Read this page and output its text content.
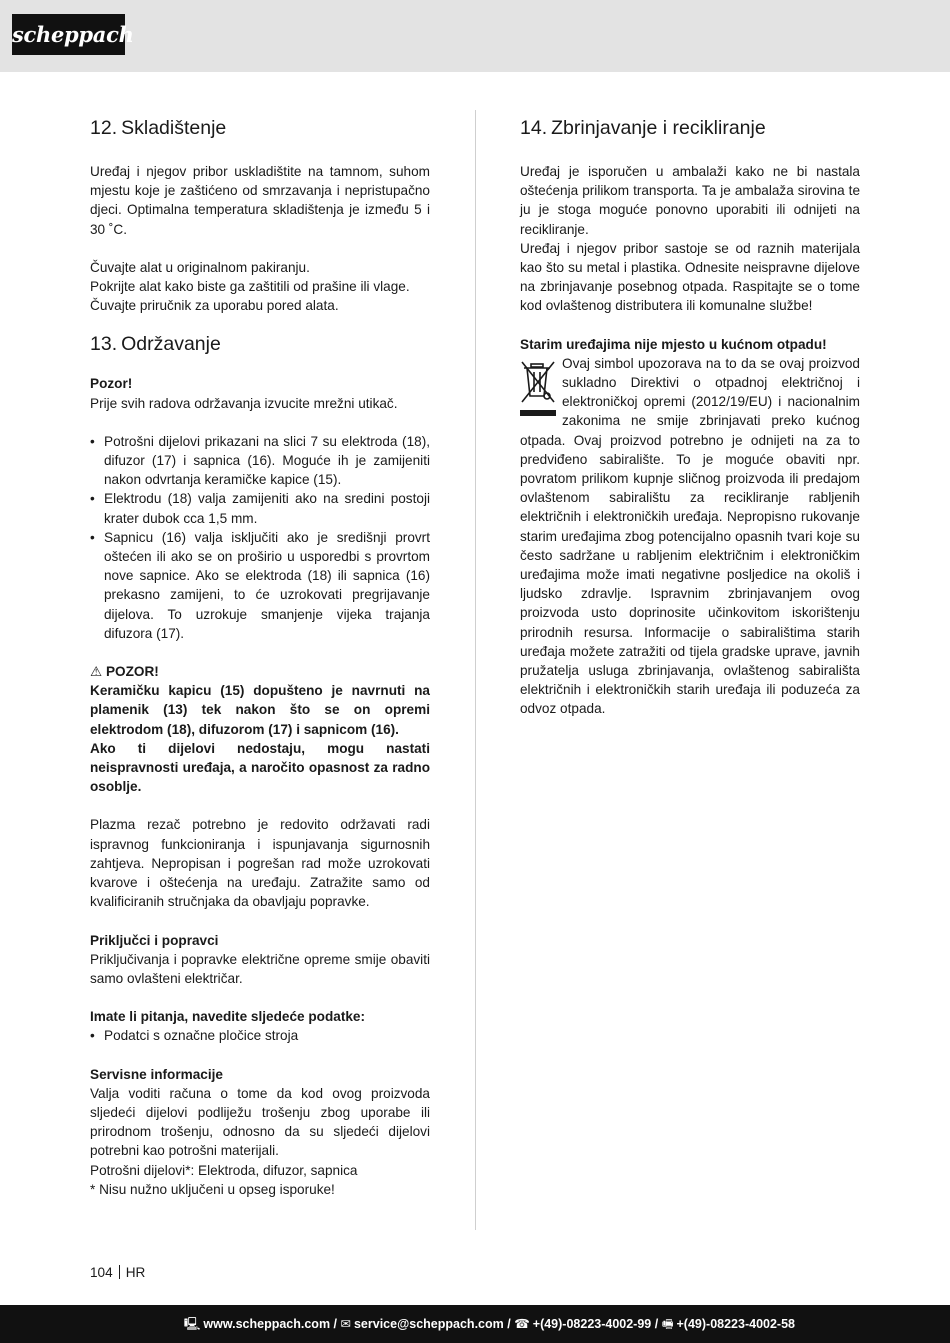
scheppach
12. Skladištenje

Uređaj i njegov pribor uskladištite na tamnom, suhom mjestu koje je zaštićeno od smrzavanja i nepristupačno djeci. Optimalna temperatura skladištenja je između 5 i 30 ˚C.

Čuvajte alat u originalnom pakiranju.

Pokrijte alat kako biste ga zaštitili od prašine ili vlage.

Čuvajte priručnik za uporabu pored alata.

13. Održavanje

Pozor!

Prije svih radova održavanja izvucite mrežni utikač.

• Potrošni dijelovi prikazani na slici 7 su elektroda (18), difuzor (17) i sapnica (16). Moguće ih je zamijeniti nakon odvrtanja keramičke kapice (15).
• Elektrodu (18) valja zamijeniti ako na sredini postoji krater dubok cca 1,5 mm.
• Sapnicu (16) valja isključiti ako je središnji provrt oštećen ili ako se on proširio u usporedbi s provrtom nove sapnice. Ako se elektroda (18) ili sapnica (16) prekasno zamijeni, to će uzrokovati pregrijavanje dijelova. To uzrokuje smanjenje vijeka trajanja difuzora (17).

⚠ POZOR!

Keramičku kapicu (15) dopušteno je navrnuti na plamenik (13) tek nakon što se on opremi elektrodom (18), difuzorom (17) i sapnicom (16).

Ako ti dijelovi nedostaju, mogu nastati neispravnosti uređaja, a naročito opasnost za radno osoblje.

Plazma rezač potrebno je redovito održavati radi ispravnog funkcioniranja i ispunjavanja sigurnosnih zahtjeva. Nepropisan i pogrešan rad može uzrokovati kvarove i oštećenja na uređaju. Zatražite samo od kvalificiranih stručnjaka da obavljaju popravke.

Priključci i popravci

Priključivanja i popravke električne opreme smije obaviti samo ovlašteni električar.

Imate li pitanja, navedite sljedeće podatke:

• Podatci s označne pločice stroja

Servisne informacije

Valja voditi računa o tome da kod ovog proizvoda sljedeći dijelovi podliježu trošenju zbog uporabe ili prirodnom trošenju, odnosno da su sljedeći dijelovi potrebni kao potrošni materijali.

Potrošni dijelovi*: Elektroda, difuzor, sapnica

* Nisu nužno uključeni u opseg isporuke!

14. Zbrinjavanje i recikliranje

Uređaj je isporučen u ambalaži kako ne bi nastala oštećenja prilikom transporta. Ta je ambalaža sirovina te ju je stoga moguće ponovno uporabiti ili odnijeti na recikliranje.

Uređaj i njegov pribor sastoje se od raznih materijala kao što su metal i plastika. Odnesite neispravne dijelove na zbrinjavanje posebnog otpada. Raspitajte se o tome kod ovlaštenog distributera ili komunalne službe!

Starim uređajima nije mjesto u kućnom otpadu!

Ovaj simbol upozorava na to da se ovaj proizvod sukladno Direktivi o otpadnoj električnoj i elektroničkoj opremi (2012/19/EU) i nacionalnim zakonima ne smije zbrinjavati preko kućnog otpada. Ovaj proizvod potrebno je odnijeti na za to predviđeno sabiralište. To je moguće obaviti npr. povratom prilikom kupnje sličnog proizvoda ili predajom ovlaštenom sabiralištu za recikliranje rabljenih električnih i elektroničkih uređaja. Nepropisno rukovanje starim uređajima zbog potencijalno opasnih tvari koje su često sadržane u rabljenim električnim i elektroničkim uređajima može imati negativne posljedice na okoliš i ljudsko zdravlje. Ispravnim zbrinjavanjem ovog proizvoda usto doprinosite učinkovitom iskorištenju prirodnih resursa. Informacije o sabiralištima starih uređaja možete zatražiti od tijela gradske uprave, javnih pružatelja usluga zbrinjavanja, ovlaštenog sabirališta električnih i elektroničkih starih uređaja ili poduzeća za odvoz otpada.

104 HR
🖳 www.scheppach.com / ✉ service@scheppach.com / ☎ +(49)-08223-4002-99 / 🖷 +(49)-08223-4002-58
